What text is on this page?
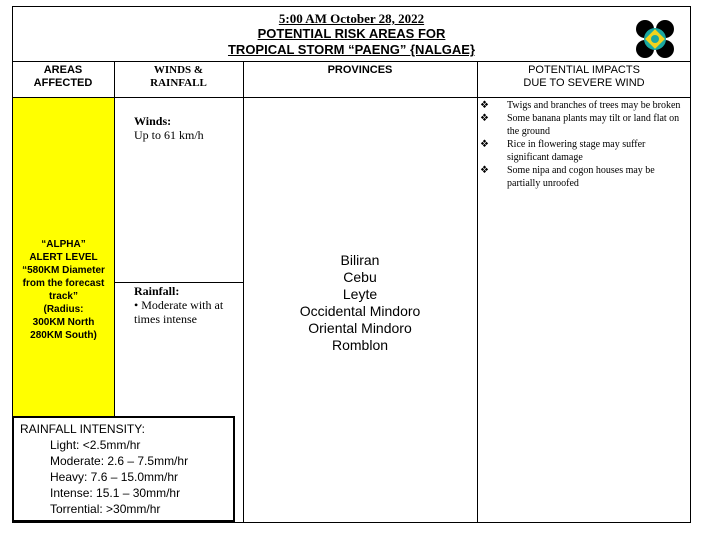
5:00 AM October 28, 2022
POTENTIAL RISK AREAS FOR
TROPICAL STORM “PAENG” {NALGAE}
AREAS
AFFECTED
WINDS &
RAINFALL
PROVINCES	POTENTIAL IMPACTS
DUE TO SEVERE WIND
“ALPHA”
ALERT LEVEL
“580KM Diameter
from the forecast
track”
(Radius:
300KM North
280KM South)
Winds:
Up to 61 km/h
Rainfall:
• Moderate with at times intense
Biliran
Cebu
Leyte
Occidental Mindoro
Oriental Mindoro
Romblon
❖ Twigs and branches of trees may be broken
❖ Some banana plants may tilt or land flat on the ground
❖ Rice in flowering stage may suffer significant damage
❖ Some nipa and cogon houses may be partially unroofed
RAINFALL INTENSITY:
Light: <2.5mm/hr
Moderate: 2.6 – 7.5mm/hr
Heavy: 7.6 – 15.0mm/hr
Intense: 15.1 – 30mm/hr
Torrential: >30mm/hr
